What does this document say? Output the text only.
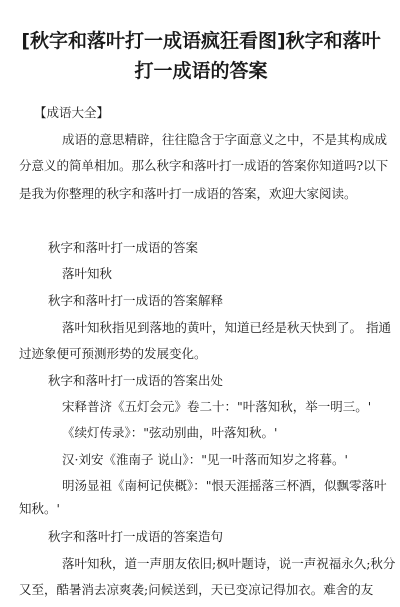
[秋字和落叶打一成语疯狂看图]秋字和落叶打一成语的答案
【成语大全】
成语的意思精辟，往往隐含于字面意义之中，不是其构成成
分意义的简单相加。那么秋字和落叶打一成语的答案你知道吗?以下
是我为你整理的秋字和落叶打一成语的答案，欢迎大家阅读。
秋字和落叶打一成语的答案
落叶知秋
秋字和落叶打一成语的答案解释
落叶知秋指见到落地的黄叶，知道已经是秋天快到了。 指通
过迹象便可预测形势的发展变化。
秋字和落叶打一成语的答案出处
宋释普济《五灯会元》卷二十："叶落知秋，举一明三。'
《续灯传录》："弦动别曲，叶落知秋。'
汉·刘安《淮南子 说山》："见一叶落而知岁之将暮。'
明汤显祖《南柯记侠概》："恨天涯摇落三杯酒，似飘零落叶
知秋。'
秋字和落叶打一成语的答案造句
落叶知秋，道一声朋友依旧;枫叶题诗，说一声祝福永久;秋分
又至，酷暑消去凉爽袭;问候送到，天已变凉记得加衣。难舍的友
